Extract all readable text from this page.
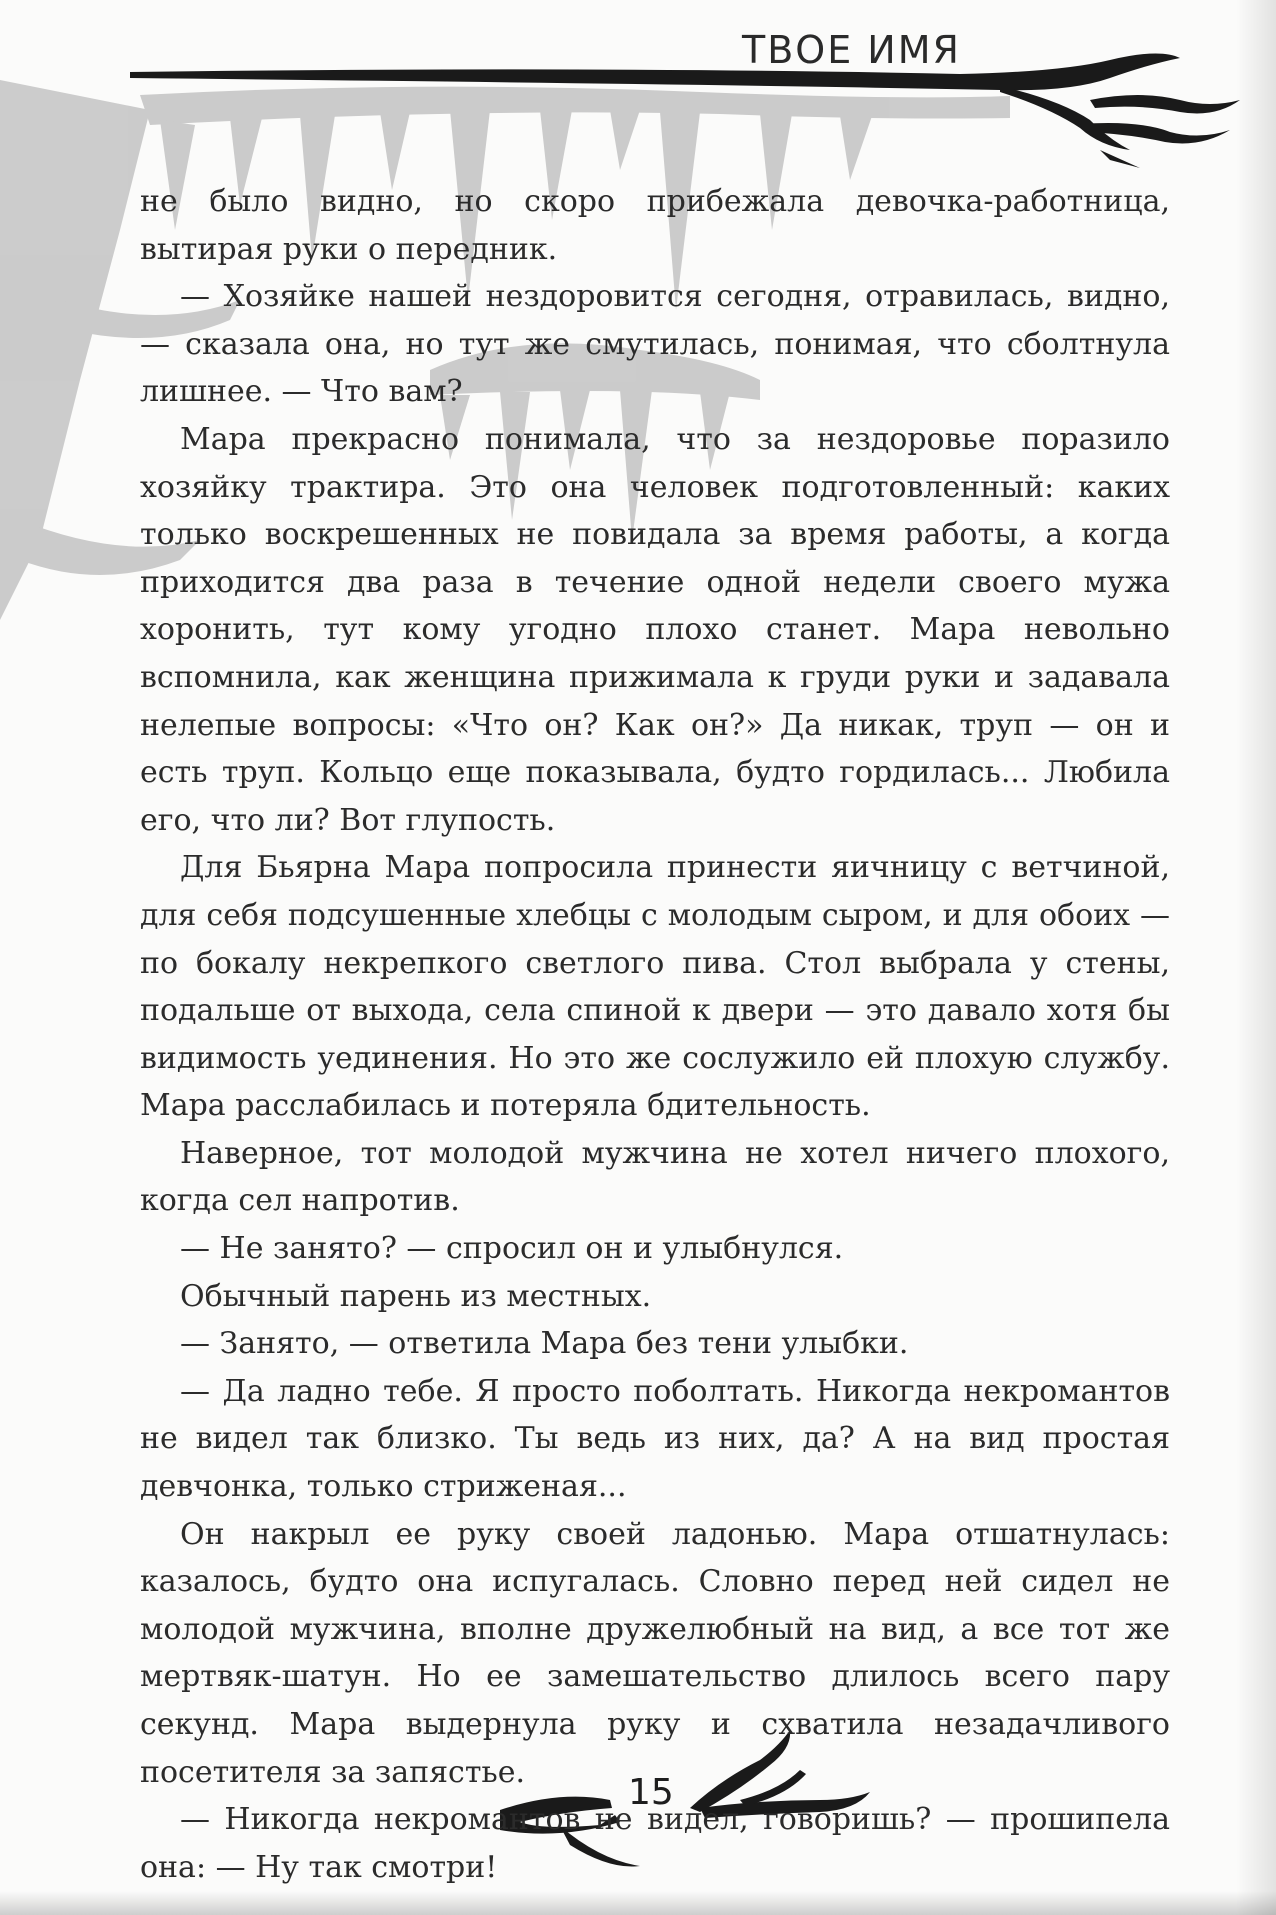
ТВОЕ ИМЯ

не было видно, но скоро прибежала девочка-работница, вытирая руки о передник.

— Хозяйке нашей нездоровится сегодня, отравилась, видно, — сказала она, но тут же смутилась, понимая, что сболтнула лишнее. — Что вам?

Мара прекрасно понимала, что за нездоровье поразило хозяйку трактира. Это она человек подготовленный: каких только воскрешенных не повидала за время работы, а когда приходится два раза в течение одной недели своего мужа хоронить, тут кому угодно плохо станет. Мара невольно вспомнила, как женщина прижимала к груди руки и задавала нелепые вопросы: «Что он? Как он?» Да никак, труп — он и есть труп. Кольцо еще показывала, будто гордилась... Любила его, что ли? Вот глупость.

Для Бьярна Мара попросила принести яичницу с ветчиной, для себя подсушенные хлебцы с молодым сыром, и для обоих — по бокалу некрепкого светлого пива. Стол выбрала у стены, подальше от выхода, села спиной к двери — это давало хотя бы видимость уединения. Но это же сослужило ей плохую службу. Мара расслабилась и потеряла бдительность.

Наверное, тот молодой мужчина не хотел ничего плохого, когда сел напротив.

— Не занято? — спросил он и улыбнулся.

Обычный парень из местных.

— Занято, — ответила Мара без тени улыбки.

— Да ладно тебе. Я просто поболтать. Никогда некромантов не видел так близко. Ты ведь из них, да? А на вид простая девчонка, только стриженая...

Он накрыл ее руку своей ладонью. Мара отшатнулась: казалось, будто она испугалась. Словно перед ней сидел не молодой мужчина, вполне дружелюбный на вид, а все тот же мертвяк-шатун. Но ее замешательство длилось всего пару секунд. Мара выдернула руку и схватила незадачливого посетителя за запястье.

— Никогда некромантов не видел, говоришь? — прошипела она: — Ну так смотри!

15
